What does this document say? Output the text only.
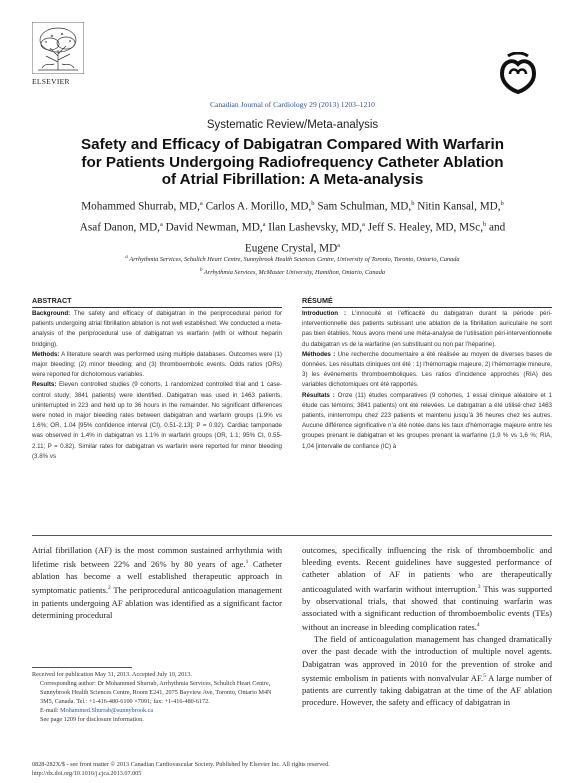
ELSEVIER
Canadian Journal of Cardiology 29 (2013) 1203–1210
Systematic Review/Meta-analysis
Safety and Efficacy of Dabigatran Compared With Warfarin
for Patients Undergoing Radiofrequency Catheter Ablation
of Atrial Fibrillation: A Meta-analysis
Mohammed Shurrab, MD,$^a$ Carlos A. Morillo, MD,$^b$ Sam Schulman, MD,$^b$ Nitin Kansal, MD,$^b$
Asaf Danon, MD,$^a$ David Newman, MD,$^a$ Ilan Lashevsky, MD,$^a$ Jeff S. Healey, MD, MSc,$^b$ and
Eugene Crystal, $MD^a$
$^a$ Arrhythmia Services, Schulich Heart Centre, Sunnybrook Health Sciences Centre, University of Toronto, Toronto, Ontario, Canada
$^b$ Arrhythmia Services, McMaster University, Hamilton, Ontario, Canada
ABSTRACT
Background: The safety and efficacy of dabigatran in the periprocedural period for patients undergoing atrial fibrillation ablation is not well established. We conducted a meta-analysis of the periprocedural use of dabigatran vs warfarin (with or without heparin bridging).
Methods: A literature search was performed using multiple databases. Outcomes were (1) major bleeding; (2) minor bleeding; and (3) thromboembolic events. Odds ratios (ORs) were reported for dichotomous variables.
Results: Eleven controlled studies (9 cohorts, 1 randomized controlled trial and 1 case-control study; 3841 patients) were identified. Dabigatran was used in 1463 patients, uninterrupted in 223 and held up to 36 hours in the remainder. No significant differences were noted in major bleeding rates between dabigatran and warfarin groups (1.9% vs 1.6%; OR, 1.04 [95% confidence interval (CI), 0.51-2.13]; P = 0.92). Cardiac tamponade was observed in 1.4% in dabigatran vs 1.1% in warfarin groups (OR, 1.1; 95% CI, 0.55-2.11; P = 0.82). Similar rates for dabigatran vs warfarin were reported for minor bleeding (3.8% vs
RÉSUMÉ
Introduction : L’innocuité et l’efficacité du dabigatran durant la période péri-interventionnelle des patients subissant une ablation de la fibrillation auriculaire ne sont pas bien établies. Nous avons mené une méta-analyse de l’utilisation péri-interventionnelle du dabigatran vs de la warfarine (en substituant ou non par l’héparine).
Méthodes : Une recherche documentaire a été réalisée au moyen de diverses bases de données. Les résultats cliniques ont été : 1) l’hémorragie majeure, 2) l’hémorragie mineure, 3) les événements thromboemboliques. Les ratios d’incidence approchés (RIA) des variables dichotomiques ont été rapportés.
Résultats : Onze (11) études comparatives (9 cohortes, 1 essai clinique aléatoire et 1 étude cas témoins; 3841 patients) ont été relevées. Le dabigatran a été utilisé chez 1463 patients, ininterrompu chez 223 patients et maintenu jusqu’à 36 heures chez les autres. Aucune différence significative n’a été notée dans les taux d’hémorragie majeure entre les groupes prenant le dabigatran et les groupes prenant la warfarine (1,9 % vs 1,6 %; RIA, 1,04 [intervalle de confiance (IC) à

Atrial fibrillation (AF) is the most common sustained arrhythmia with lifetime risk between 22% and 26% by 80 years of age.$^1$ Catheter ablation has become a well established therapeutic approach in symptomatic patients.$^2$ The periprocedural anticoagulation management in patients undergoing AF ablation was identified as a significant factor determining procedural

outcomes, specifically influencing the risk of thromboembolic and bleeding events. Recent guidelines have suggested performance of catheter ablation of AF in patients who are therapeutically anticoagulated with warfarin without interruption.$^3$ This was supported by observational trials, that showed that continuing warfarin was associated with a significant reduction of thromboembolic events (TEs) without an increase in bleeding complication rates.$^4$

The field of anticoagulation management has changed dramatically over the past decade with the introduction of multiple novel agents. Dabigatran was approved in 2010 for the prevention of stroke and systemic embolism in patients with nonvalvular AF.$^5$ A large number of patients are currently taking dabigatran at the time of the AF ablation procedure. However, the safety and efficacy of dabigatran in

Received for publication May 31, 2013. Accepted July 10, 2013.

Corresponding author: Dr Mohammed Shurrab, Arrhythmia Services, Schulich Heart Centre, Sunnybrook Health Sciences Centre, Room E241, 2075 Bayview Ave, Toronto, Ontario M4N 3M5, Canada. Tel.: +1-416-480-6100 ×7091; fax: +1-416-480-6172.

E-mail: Mohammed.Shurrab@sunnybrook.ca

See page 1209 for disclosure information.

0828-282X/$ - see front matter © 2013 Canadian Cardiovascular Society. Published by Elsevier Inc. All rights reserved.
http://dx.doi.org/10.1016/j.cjca.2013.07.005
